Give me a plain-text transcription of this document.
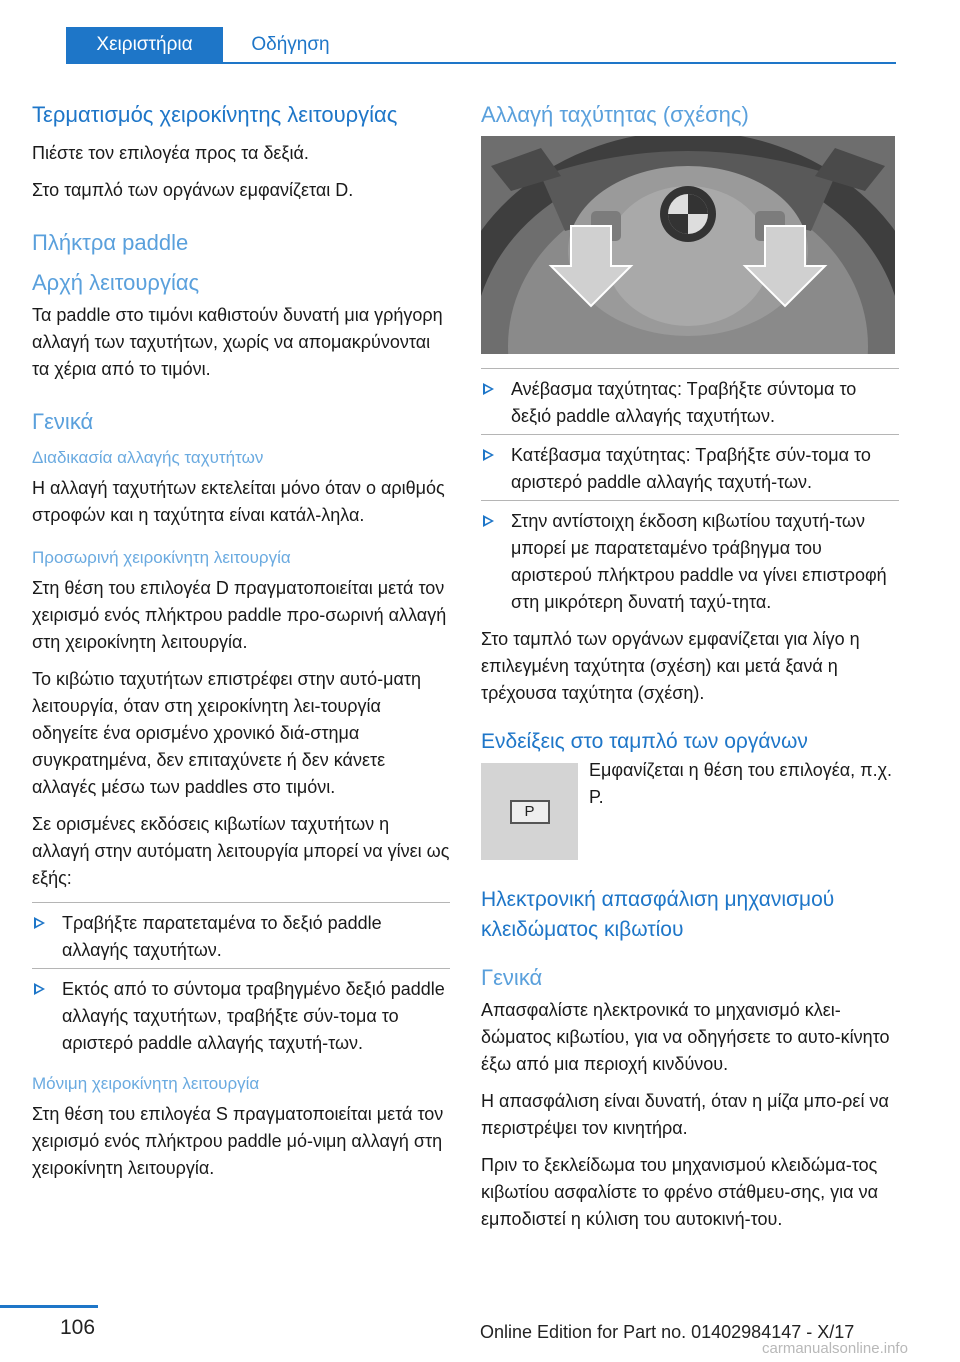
Χειριστήρια	Οδήγηση
Τερματισμός χειροκίνητης λειτουργίας

Πιέστε τον επιλογέα προς τα δεξιά.

Στο ταμπλό των οργάνων εμφανίζεται D.

Πλήκτρα paddle
Αρχή λειτουργίας

Τα paddle στο τιμόνι καθιστούν δυνατή μια γρήγορη αλλαγή των ταχυτήτων, χωρίς να απομακρύνονται τα χέρια από το τιμόνι.

Γενικά
Διαδικασία αλλαγής ταχυτήτων

Η αλλαγή ταχυτήτων εκτελείται μόνο όταν ο αριθμός στροφών και η ταχύτητα είναι κατάλ-ληλα.

Προσωρινή χειροκίνητη λειτουργία

Στη θέση του επιλογέα D πραγματοποιείται μετά τον χειρισμό ενός πλήκτρου paddle προ-σωρινή αλλαγή στη χειροκίνητη λειτουργία.

Το κιβώτιο ταχυτήτων επιστρέφει στην αυτό-ματη λειτουργία, όταν στη χειροκίνητη λει-τουργία οδηγείτε ένα ορισμένο χρονικό διά-στημα συγκρατημένα, δεν επιταχύνετε ή δεν κάνετε αλλαγές μέσω των paddles στο τιμόνι.

Σε ορισμένες εκδόσεις κιβωτίων ταχυτήτων η αλλαγή στην αυτόματη λειτουργία μπορεί να γίνει ως εξής:

Τραβήξτε παρατεταμένα το δεξιό paddle αλλαγής ταχυτήτων.
Εκτός από το σύντομα τραβηγμένο δεξιό paddle αλλαγής ταχυτήτων, τραβήξτε σύν-τομα το αριστερό paddle αλλαγής ταχυτή-των.
Μόνιμη χειροκίνητη λειτουργία

Στη θέση του επιλογέα S πραγματοποιείται μετά τον χειρισμό ενός πλήκτρου paddle μό-νιμη αλλαγή στη χειροκίνητη λειτουργία.

Αλλαγή ταχύτητας (σχέσης)
Ανέβασμα ταχύτητας: Τραβήξτε σύντομα το δεξιό paddle αλλαγής ταχυτήτων.
Κατέβασμα ταχύτητας: Τραβήξτε σύν-τομα το αριστερό paddle αλλαγής ταχυτή-των.
Στην αντίστοιχη έκδοση κιβωτίου ταχυτή-των μπορεί με παρατεταμένο τράβηγμα του αριστερού πλήκτρου paddle να γίνει επιστροφή στη μικρότερη δυνατή ταχύ-τητα.

Στο ταμπλό των οργάνων εμφανίζεται για λίγο η επιλεγμένη ταχύτητα (σχέση) και μετά ξανά η τρέχουσα ταχύτητα (σχέση).

Ενδείξεις στο ταμπλό των οργάνων
P
Εμφανίζεται η θέση του επιλογέα, π.χ. P.
Ηλεκτρονική απασφάλιση μηχανισμού κλειδώματος κιβωτίου
Γενικά

Απασφαλίστε ηλεκτρονικά το μηχανισμό κλει-δώματος κιβωτίου, για να οδηγήσετε το αυτο-κίνητο έξω από μια περιοχή κινδύνου.

Η απασφάλιση είναι δυνατή, όταν η μίζα μπο-ρεί να περιστρέψει τον κινητήρα.

Πριν το ξεκλείδωμα του μηχανισμού κλειδώμα-τος κιβωτίου ασφαλίστε το φρένο στάθμευ-σης, για να εμποδιστεί η κύλιση του αυτοκινή-του.

106	Online Edition for Part no. 01402984147 - X/17
carmanualsonline.info
